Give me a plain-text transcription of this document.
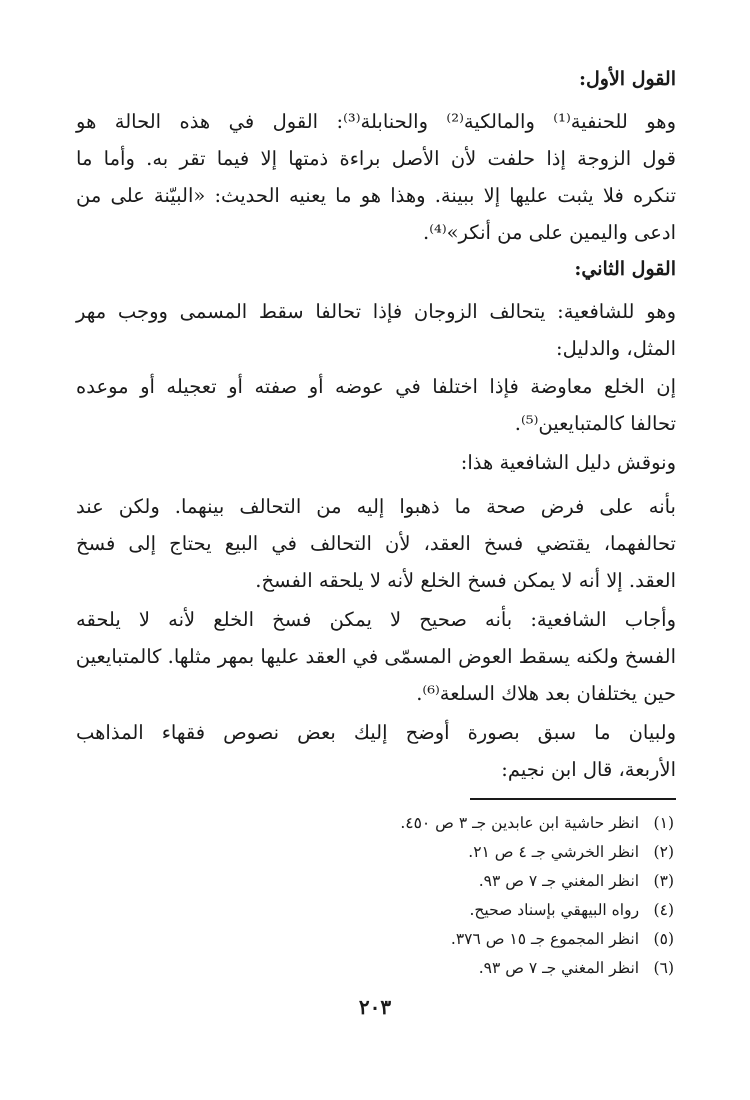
القول الأول:
وهو للحنفية⁽¹⁾ والمالكية⁽²⁾ والحنابلة⁽³⁾: القول في هذه الحالة هو
قول الزوجة إذا حلفت لأن الأصل براءة ذمتها إلا فيما تقر به. وأما ما
تنكره فلا يثبت عليها إلا ببينة. وهذا هو ما يعنيه الحديث: «البيّنة على من
ادعى واليمين على من أنكر»⁽⁴⁾.
القول الثاني:
وهو للشافعية: يتحالف الزوجان فإذا تحالفا سقط المسمى ووجب مهر
المثل، والدليل:
إن الخلع معاوضة فإذا اختلفا في عوضه أو صفته أو تعجيله أو موعده
تحالفا كالمتبايعين⁽⁵⁾.
ونوقش دليل الشافعية هذا:
بأنه على فرض صحة ما ذهبوا إليه من التحالف بينهما. ولكن عند
تحالفهما، يقتضي فسخ العقد، لأن التحالف في البيع يحتاج إلى فسخ
العقد. إلا أنه لا يمكن فسخ الخلع لأنه لا يلحقه الفسخ.
وأجاب الشافعية: بأنه صحيح لا يمكن فسخ الخلع لأنه لا يلحقه
الفسخ ولكنه يسقط العوض المسمّى في العقد عليها بمهر مثلها. كالمتبايعين
حين يختلفان بعد هلاك السلعة⁽⁶⁾.
ولبيان ما سبق بصورة أوضح إليك بعض نصوص فقهاء المذاهب
الأربعة، قال ابن نجيم:
(١) انظر حاشية ابن عابدين جـ ٣ ص ٤٥٠.
(٢) انظر الخرشي جـ ٤ ص ٢١.
(٣) انظر المغني جـ ٧ ص ٩٣.
(٤) رواه البيهقي بإسناد صحيح.
(٥) انظر المجموع جـ ١٥ ص ٣٧٦.
(٦) انظر المغني جـ ٧ ص ٩٣.
٢٠٣
